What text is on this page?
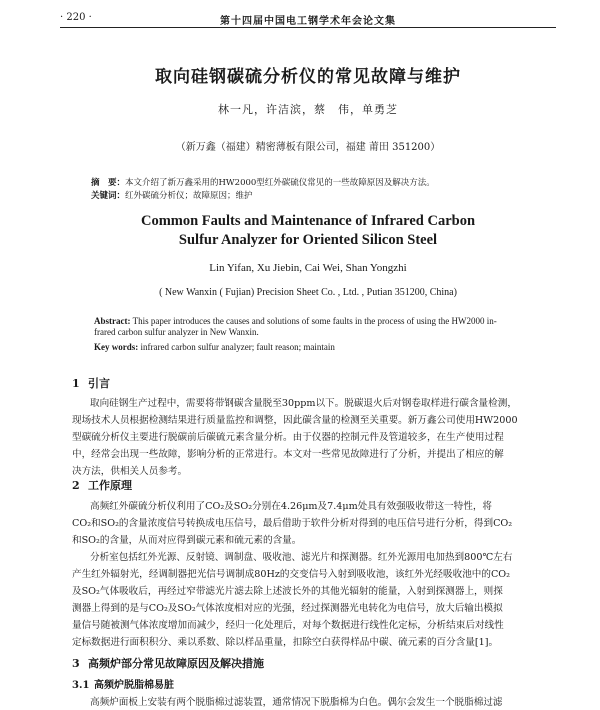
· 220 ·	第十四届中国电工钢学术年会论文集
取向硅钢碳硫分析仪的常见故障与维护
林一凡，许洁滨，蔡　伟，单勇芝
（新万鑫（福建）精密薄板有限公司，福建 莆田 351200）
摘　要：本文介绍了新万鑫采用的HW2000型红外碳硫仪常见的一些故障原因及解决方法。
关键词：红外碳硫分析仪；故障原因；维护
Common Faults and Maintenance of Infrared Carbon
Sulfur Analyzer for Oriented Silicon Steel
Lin Yifan, Xu Jiebin, Cai Wei, Shan Yongzhi
( New Wanxin ( Fujian) Precision Sheet Co. , Ltd. , Putian 351200, China)
Abstract: This paper introduces the causes and solutions of some faults in the process of using the HW2000 in-
frared carbon sulfur analyzer in New Wanxin.
Key words: infrared carbon sulfur analyzer; fault reason; maintain
1 引言
取向硅钢生产过程中，需要将带钢碳含量脱至30ppm以下。脱碳退火后对钢卷取样进行碳含量检测，
现场技术人员根据检测结果进行质量监控和调整，因此碳含量的检测至关重要。新万鑫公司使用HW2000
型碳硫分析仪主要进行脱碳前后碳硫元素含量分析。由于仪器的控制元件及管道较多，在生产使用过程
中，经常会出现一些故障，影响分析的正常进行。本文对一些常见故障进行了分析，并提出了相应的解
决方法，供相关人员参考。
2 工作原理
高频红外碳硫分析仪利用了CO₂及SO₂分别在4.26μm及7.4μm处具有效强吸收带这一特性，将
CO₂和SO₂的含量浓度信号转换成电压信号，最后借助于软件分析对得到的电压信号进行分析，得到CO₂
和SO₂的含量，从而对应得到碳元素和硫元素的含量。
分析室包括红外光源、反射镜、调制盘、吸收池、滤光片和探测器。红外光源用电加热到800℃左右
产生红外辐射光，经调制器把光信号调制成80Hz的交变信号入射到吸收池，该红外光经吸收池中的CO₂
及SO₂气体吸收后，再经过窄带滤光片滤去除上述波长外的其他光辐射的能量，入射到探测器上，则探
测器上得到的是与CO₂及SO₂气体浓度相对应的光强，经过探测器光电转化为电信号，放大后输出模拟
量信号随被测气体浓度增加而减少，经归一化处理后，对每个数据进行线性化定标，分析结束后对线性
定标数据进行面积积分、乘以系数、除以样品重量，扣除空白获得样品中碳、硫元素的百分含量[1]。
3 高频炉部分常见故障原因及解决措施
3.1 高频炉脱脂棉易脏
高频炉面板上安装有两个脱脂棉过滤装置，通常情况下脱脂棉为白色。偶尔会发生一个脱脂棉过滤
